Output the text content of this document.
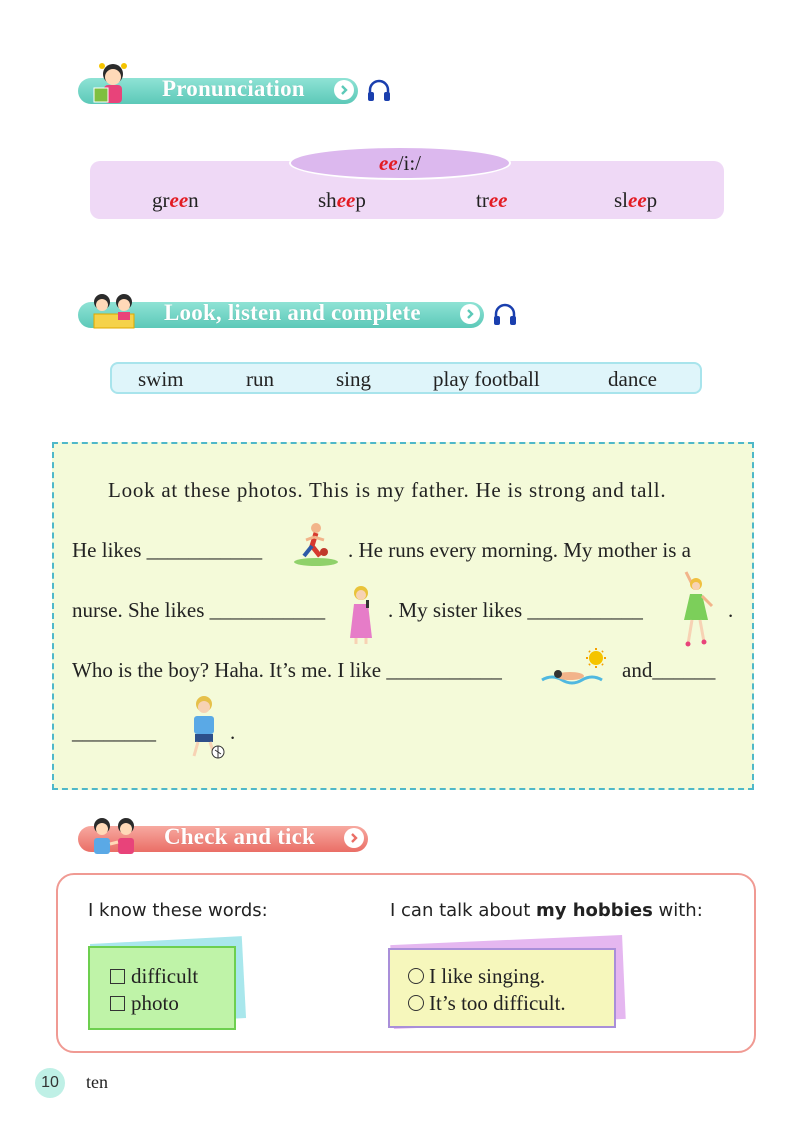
Pronunciation
ee /i:/
green	sheep	tree	sleep
Look, listen and complete
swim	run	sing	play football	dance
Look at these photos. This is my father. He is strong and tall.
He likes ___________	. He runs every morning. My mother is a
nurse. She likes ___________	. My sister likes ___________	.
Who is the boy? Haha. It’s me. I like ___________	and______
________	.
Check and tick
I know these words:	I can talk about my hobbies with:
difficult
photo
I like singing.
It’s too difficult.
10	ten
